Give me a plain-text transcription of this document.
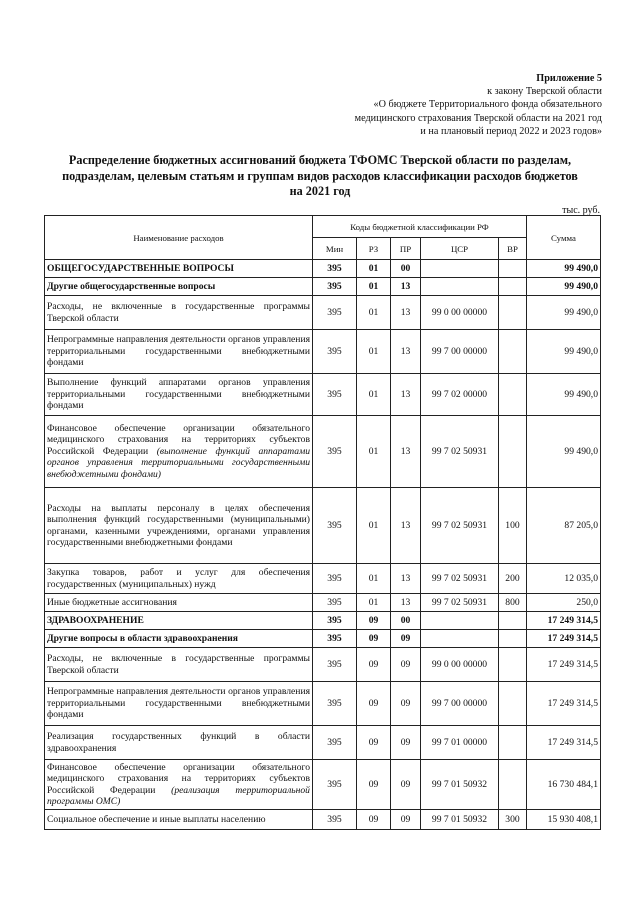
Приложение 5
к закону Тверской области
«О бюджете Территориального фонда обязательного
медицинского страхования Тверской области на 2021 год
и на плановый период 2022 и 2023 годов»
Распределение бюджетных ассигнований бюджета ТФОМС Тверской области по разделам,
подразделам, целевым статьям и группам видов расходов классификации расходов бюджетов
на 2021 год
тыс. руб.
Наименование расходов	Коды бюджетной классификации РФ					Сумма
	Мин	РЗ	ПР	ЦСР	ВР	
ОБЩЕГОСУДАРСТВЕННЫЕ ВОПРОСЫ	395	01	00			99 490,0
Другие общегосударственные вопросы	395	01	13			99 490,0
Расходы, не включенные в государственные программы Тверской области	395	01	13	99 0 00 00000		99 490,0
Непрограммные направления деятельности органов управления территориальными государственными внебюджетными фондами	395	01	13	99 7 00 00000		99 490,0
Выполнение функций аппаратами органов управления территориальными государственными внебюджетными фондами	395	01	13	99 7 02 00000		99 490,0
Финансовое обеспечение организации обязательного медицинского страхования на территориях субъектов Российской Федерации (выполнение функций аппаратами органов управления территориальными государственными внебюджетными фондами)	395	01	13	99 7 02 50931		99 490,0
Расходы на выплаты персоналу в целях обеспечения выполнения функций государственными (муниципальными) органами, казенными учреждениями, органами управления государственными внебюджетными фондами	395	01	13	99 7 02 50931	100	87 205,0
Закупка товаров, работ и услуг для обеспечения государственных (муниципальных) нужд	395	01	13	99 7 02 50931	200	12 035,0
Иные бюджетные ассигнования	395	01	13	99 7 02 50931	800	250,0
ЗДРАВООХРАНЕНИЕ	395	09	00			17 249 314,5
Другие вопросы в области здравоохранения	395	09	09			17 249 314,5
Расходы, не включенные в государственные программы Тверской области	395	09	09	99 0 00 00000		17 249 314,5
Непрограммные направления деятельности органов управления территориальными государственными внебюджетными фондами	395	09	09	99 7 00 00000		17 249 314,5
Реализация государственных функций в области здравоохранения	395	09	09	99 7 01 00000		17 249 314,5
Финансовое обеспечение организации обязательного медицинского страхования на территориях субъектов Российской Федерации (реализация территориальной программы ОМС)	395	09	09	99 7 01 50932		16 730 484,1
Социальное обеспечение и иные выплаты населению	395	09	09	99 7 01 50932	300	15 930 408,1
